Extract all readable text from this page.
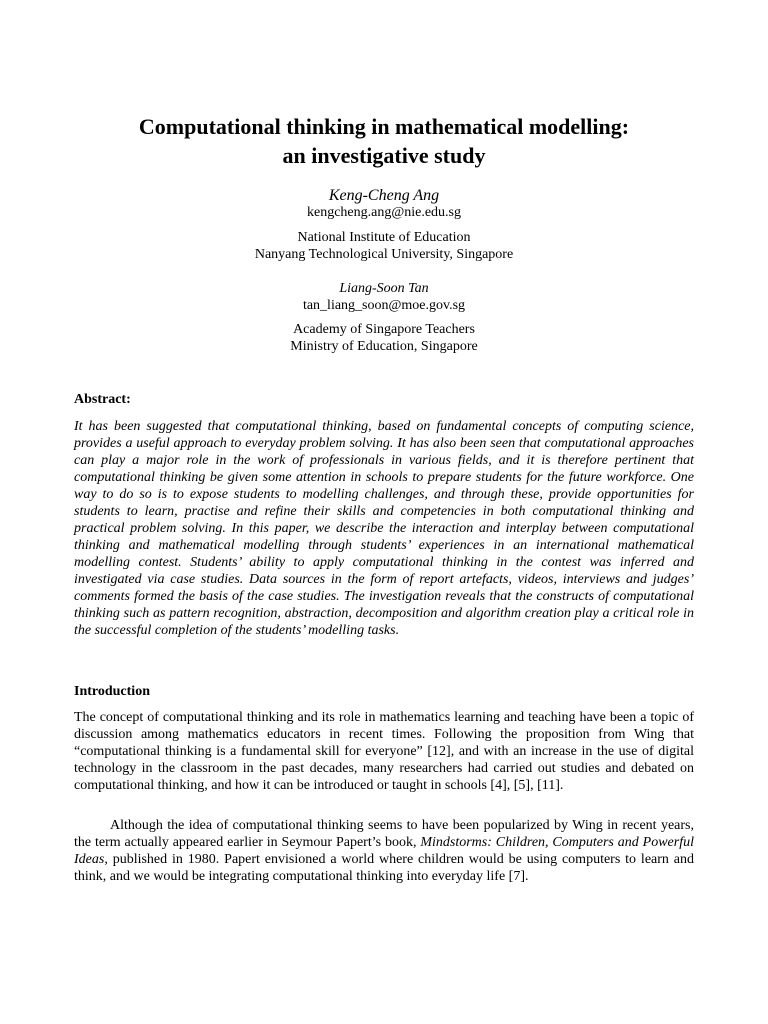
Computational thinking in mathematical modelling:
an investigative study
Keng-Cheng Ang
kengcheng.ang@nie.edu.sg
National Institute of Education
Nanyang Technological University, Singapore
Liang-Soon Tan
tan_liang_soon@moe.gov.sg
Academy of Singapore Teachers
Ministry of Education, Singapore
Abstract:

It has been suggested that computational thinking, based on fundamental concepts of computing science, provides a useful approach to everyday problem solving. It has also been seen that computational approaches can play a major role in the work of professionals in various fields, and it is therefore pertinent that computational thinking be given some attention in schools to prepare students for the future workforce. One way to do so is to expose students to modelling challenges, and through these, provide opportunities for students to learn, practise and refine their skills and competencies in both computational thinking and practical problem solving. In this paper, we describe the interaction and interplay between computational thinking and mathematical modelling through students’ experiences in an international mathematical modelling contest. Students’ ability to apply computational thinking in the contest was inferred and investigated via case studies. Data sources in the form of report artefacts, videos, interviews and judges’ comments formed the basis of the case studies. The investigation reveals that the constructs of computational thinking such as pattern recognition, abstraction, decomposition and algorithm creation play a critical role in the successful completion of the students’ modelling tasks.

Introduction

The concept of computational thinking and its role in mathematics learning and teaching have been a topic of discussion among mathematics educators in recent times. Following the proposition from Wing that “computational thinking is a fundamental skill for everyone” [12], and with an increase in the use of digital technology in the classroom in the past decades, many researchers had carried out studies and debated on computational thinking, and how it can be introduced or taught in schools [4], [5], [11].

Although the idea of computational thinking seems to have been popularized by Wing in recent years, the term actually appeared earlier in Seymour Papert’s book, Mindstorms: Children, Computers and Powerful Ideas, published in 1980. Papert envisioned a world where children would be using computers to learn and think, and we would be integrating computational thinking into everyday life [7].
